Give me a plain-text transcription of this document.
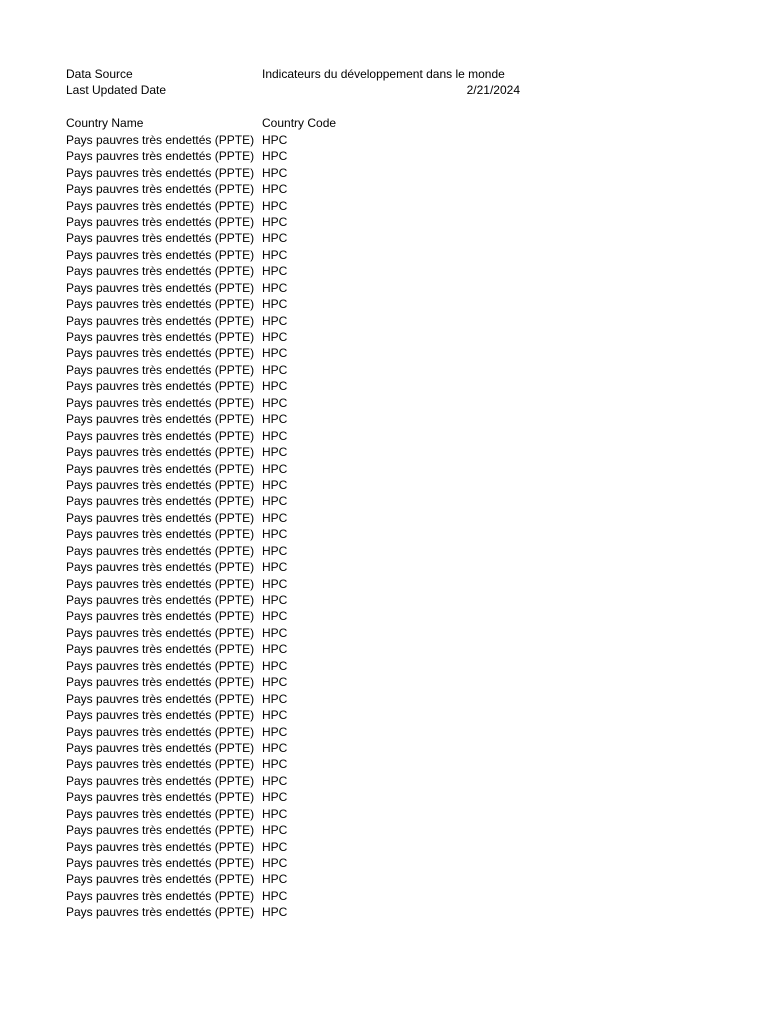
Data Source	Indicateurs du développement dans le monde
Last Updated Date	2/21/2024
Country Name	Country Code
Pays pauvres très endettés (PPTE) HPC
Pays pauvres très endettés (PPTE) HPC
Pays pauvres très endettés (PPTE) HPC
Pays pauvres très endettés (PPTE) HPC
Pays pauvres très endettés (PPTE) HPC
Pays pauvres très endettés (PPTE) HPC
Pays pauvres très endettés (PPTE) HPC
Pays pauvres très endettés (PPTE) HPC
Pays pauvres très endettés (PPTE) HPC
Pays pauvres très endettés (PPTE) HPC
Pays pauvres très endettés (PPTE) HPC
Pays pauvres très endettés (PPTE) HPC
Pays pauvres très endettés (PPTE) HPC
Pays pauvres très endettés (PPTE) HPC
Pays pauvres très endettés (PPTE) HPC
Pays pauvres très endettés (PPTE) HPC
Pays pauvres très endettés (PPTE) HPC
Pays pauvres très endettés (PPTE) HPC
Pays pauvres très endettés (PPTE) HPC
Pays pauvres très endettés (PPTE) HPC
Pays pauvres très endettés (PPTE) HPC
Pays pauvres très endettés (PPTE) HPC
Pays pauvres très endettés (PPTE) HPC
Pays pauvres très endettés (PPTE) HPC
Pays pauvres très endettés (PPTE) HPC
Pays pauvres très endettés (PPTE) HPC
Pays pauvres très endettés (PPTE) HPC
Pays pauvres très endettés (PPTE) HPC
Pays pauvres très endettés (PPTE) HPC
Pays pauvres très endettés (PPTE) HPC
Pays pauvres très endettés (PPTE) HPC
Pays pauvres très endettés (PPTE) HPC
Pays pauvres très endettés (PPTE) HPC
Pays pauvres très endettés (PPTE) HPC
Pays pauvres très endettés (PPTE) HPC
Pays pauvres très endettés (PPTE) HPC
Pays pauvres très endettés (PPTE) HPC
Pays pauvres très endettés (PPTE) HPC
Pays pauvres très endettés (PPTE) HPC
Pays pauvres très endettés (PPTE) HPC
Pays pauvres très endettés (PPTE) HPC
Pays pauvres très endettés (PPTE) HPC
Pays pauvres très endettés (PPTE) HPC
Pays pauvres très endettés (PPTE) HPC
Pays pauvres très endettés (PPTE) HPC
Pays pauvres très endettés (PPTE) HPC
Pays pauvres très endettés (PPTE) HPC
Pays pauvres très endettés (PPTE) HPC
